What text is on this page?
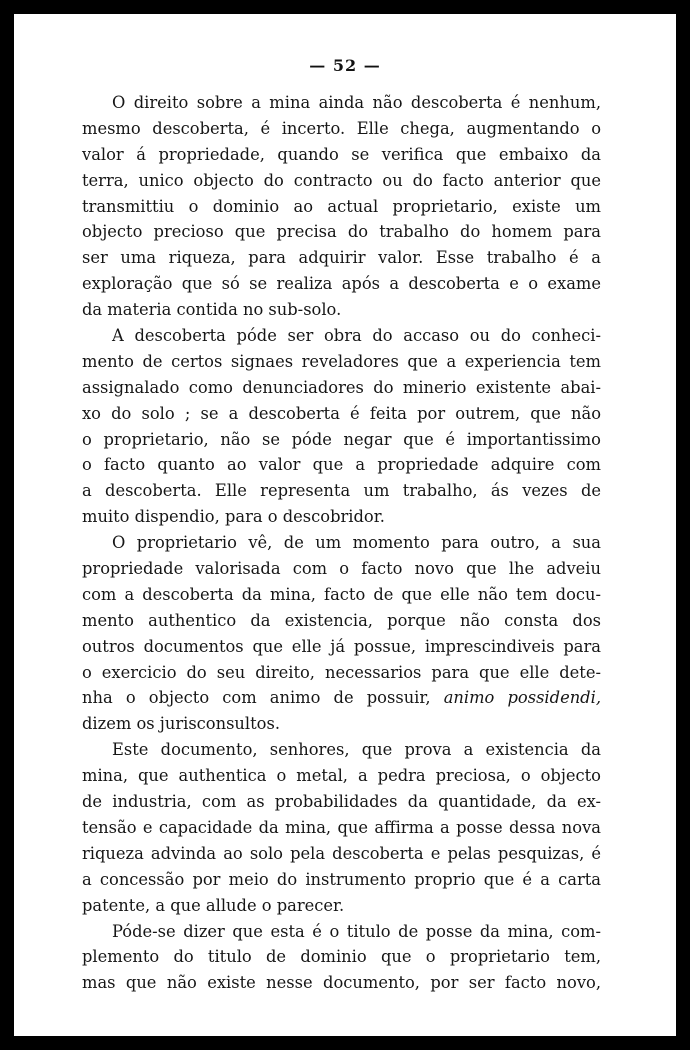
— 52 —
O direito sobre a mina ainda não descoberta é nenhum,
mesmo descoberta, é incerto. Elle chega, augmentando o
valor á propriedade, quando se verifica que embaixo da
terra, unico objecto do contracto ou do facto anterior que
transmittiu o dominio ao actual proprietario, existe um
objecto precioso que precisa do trabalho do homem para
ser uma riqueza, para adquirir valor. Esse trabalho é a
exploração que só se realiza após a descoberta e o exame
da materia contida no sub-solo.
A descoberta póde ser obra do accaso ou do conheci-
mento de certos signaes reveladores que a experiencia tem
assignalado como denunciadores do minerio existente abai-
xo do solo ; se a descoberta é feita por outrem, que não
o proprietario, não se póde negar que é importantissimo
o facto quanto ao valor que a propriedade adquire com
a descoberta. Elle representa um trabalho, ás vezes de
muito dispendio, para o descobridor.
O proprietario vê, de um momento para outro, a sua
propriedade valorisada com o facto novo que lhe adveiu
com a descoberta da mina, facto de que elle não tem docu-
mento authentico da existencia, porque não consta dos
outros documentos que elle já possue, imprescindiveis para
o exercicio do seu direito, necessarios para que elle dete-
nha o objecto com animo de possuir, animo possidendi,
dizem os jurisconsultos.
Este documento, senhores, que prova a existencia da
mina, que authentica o metal, a pedra preciosa, o objecto
de industria, com as probabilidades da quantidade, da ex-
tensão e capacidade da mina, que affirma a posse dessa nova
riqueza advinda ao solo pela descoberta e pelas pesquizas, é
a concessão por meio do instrumento proprio que é a carta
patente, a que allude o parecer.
Póde-se dizer que esta é o titulo de posse da mina, com-
plemento do titulo de dominio que o proprietario tem,
mas que não existe nesse documento, por ser facto novo,
